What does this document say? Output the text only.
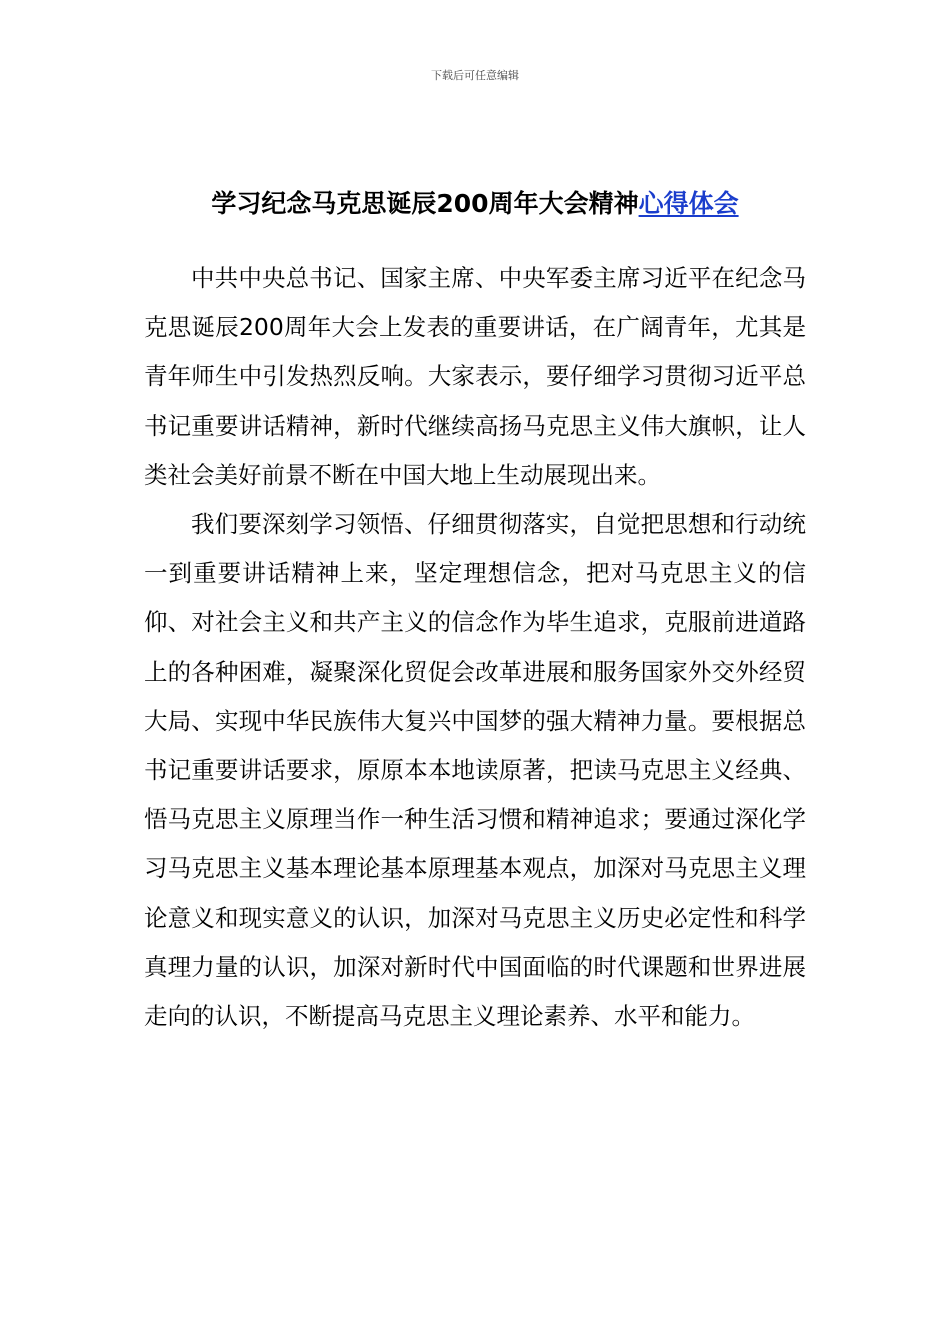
下载后可任意编辑
学习纪念马克思诞辰200周年大会精神心得体会

中共中央总书记、国家主席、中央军委主席习近平在纪念马克思诞辰200周年大会上发表的重要讲话，在广阔青年，尤其是青年师生中引发热烈反响。大家表示，要仔细学习贯彻习近平总书记重要讲话精神，新时代继续高扬马克思主义伟大旗帜，让人类社会美好前景不断在中国大地上生动展现出来。

我们要深刻学习领悟、仔细贯彻落实，自觉把思想和行动统一到重要讲话精神上来，坚定理想信念，把对马克思主义的信仰、对社会主义和共产主义的信念作为毕生追求，克服前进道路上的各种困难，凝聚深化贸促会改革进展和服务国家外交外经贸大局、实现中华民族伟大复兴中国梦的强大精神力量。要根据总书记重要讲话要求，原原本本地读原著，把读马克思主义经典、悟马克思主义原理当作一种生活习惯和精神追求；要通过深化学习马克思主义基本理论基本原理基本观点，加深对马克思主义理论意义和现实意义的认识，加深对马克思主义历史必定性和科学真理力量的认识，加深对新时代中国面临的时代课题和世界进展走向的认识，不断提高马克思主义理论素养、水平和能力。
